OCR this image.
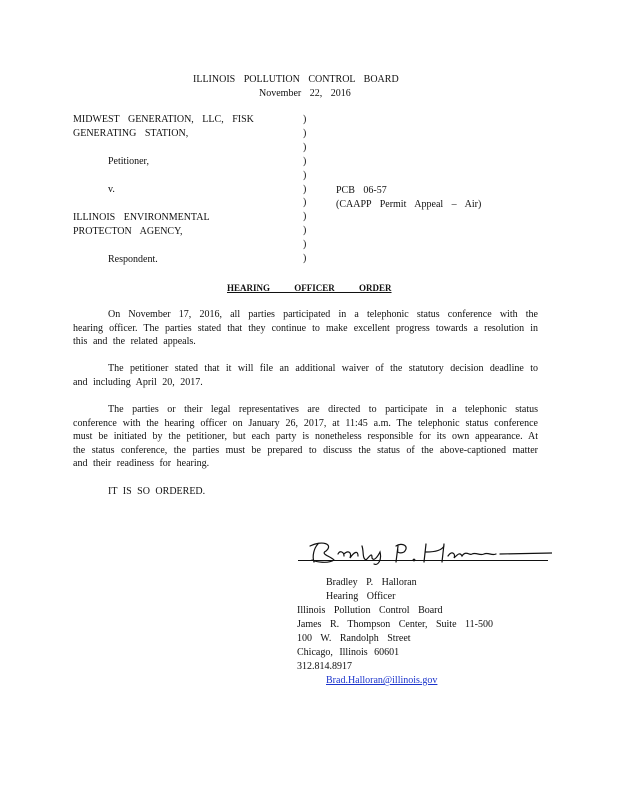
ILLINOIS POLLUTION CONTROL BOARD
November 22, 2016
MIDWEST GENERATION, LLC, FISK
GENERATING STATION,
Petitioner,
v.
ILLINOIS ENVIRONMENTAL
PROTECTON AGENCY,
Respondent.
)
)
)
)
)
)
)
)
)
)
)
PCB 06-57
(CAAPP Permit Appeal – Air)
HEARING OFFICER ORDER
On November 17, 2016, all parties participated in a telephonic status conference with the hearing officer. The parties stated that they continue to make excellent progress towards a resolution in this and the related appeals.
The petitioner stated that it will file an additional waiver of the statutory decision deadline to and including April 20, 2017.
The parties or their legal representatives are directed to participate in a telephonic status conference with the hearing officer on January 26, 2017, at 11:45 a.m. The telephonic status conference must be initiated by the petitioner, but each party is nonetheless responsible for its own appearance. At the status conference, the parties must be prepared to discuss the status of the above-captioned matter and their readiness for hearing.
IT IS SO ORDERED.
Bradley P. Halloran
Hearing Officer
Illinois Pollution Control Board
James R. Thompson Center, Suite 11-500
100 W. Randolph Street
Chicago, Illinois 60601
312.814.8917
Brad.Halloran@illinois.gov
